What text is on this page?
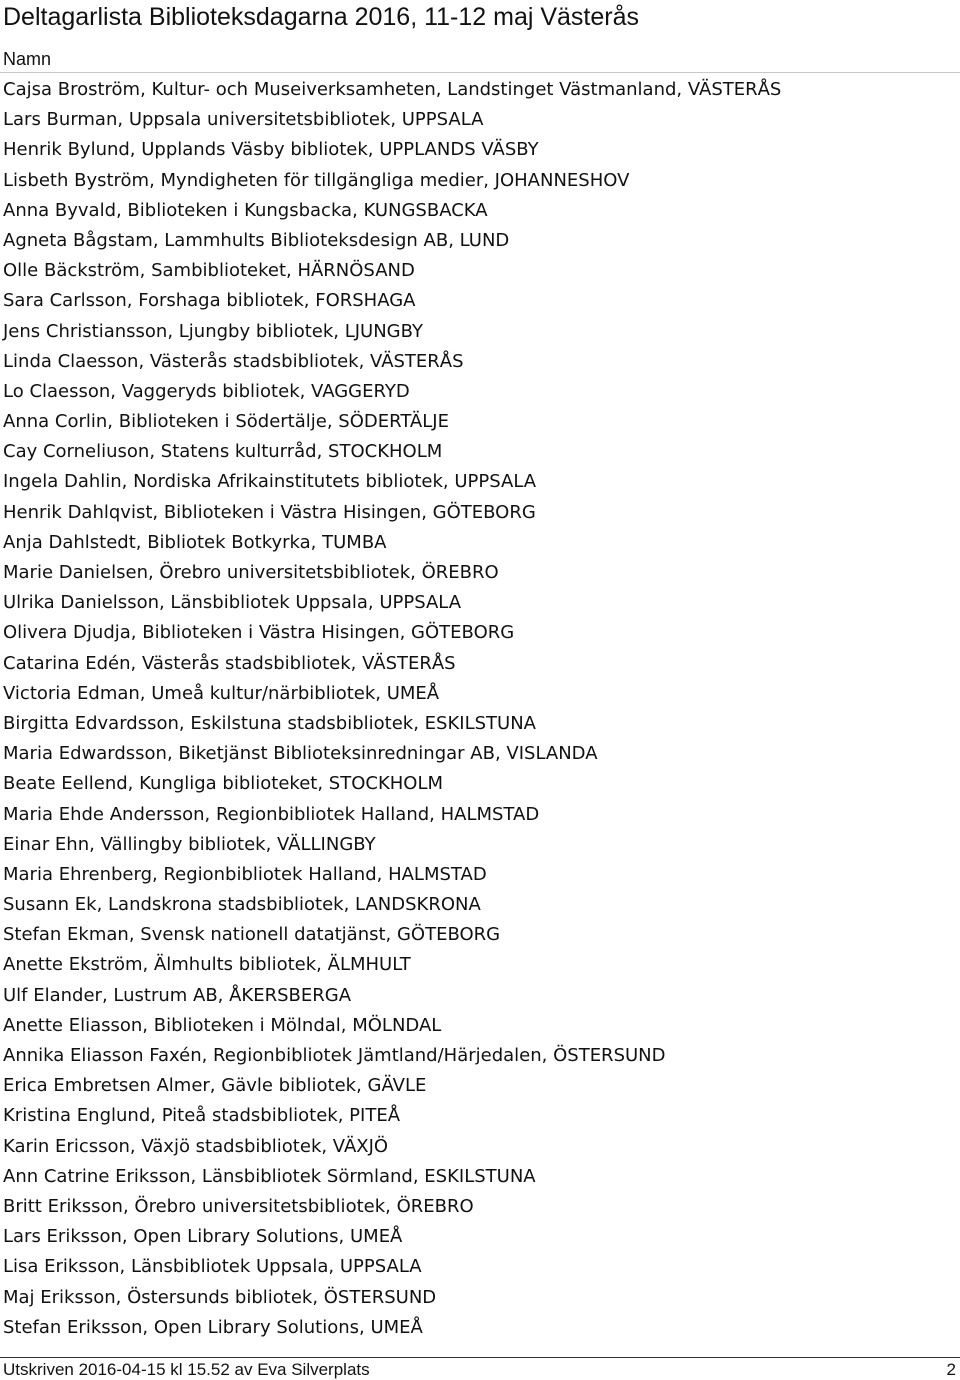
Deltagarlista Biblioteksdagarna 2016, 11-12 maj Västerås
Namn
Cajsa Broström, Kultur- och Museiverksamheten, Landstinget Västmanland, VÄSTERÅS
Lars Burman, Uppsala universitetsbibliotek, UPPSALA
Henrik Bylund, Upplands Väsby bibliotek, UPPLANDS VÄSBY
Lisbeth Byström, Myndigheten för tillgängliga medier, JOHANNESHOV
Anna Byvald, Biblioteken i Kungsbacka, KUNGSBACKA
Agneta Bågstam, Lammhults Biblioteksdesign AB, LUND
Olle Bäckström, Sambiblioteket, HÄRNÖSAND
Sara Carlsson, Forshaga bibliotek, FORSHAGA
Jens Christiansson, Ljungby bibliotek, LJUNGBY
Linda Claesson, Västerås stadsbibliotek, VÄSTERÅS
Lo Claesson, Vaggeryds bibliotek, VAGGERYD
Anna Corlin, Biblioteken i Södertälje, SÖDERTÄLJE
Cay Corneliuson, Statens kulturråd, STOCKHOLM
Ingela Dahlin, Nordiska Afrikainstitutets bibliotek, UPPSALA
Henrik Dahlqvist, Biblioteken i Västra Hisingen, GÖTEBORG
Anja Dahlstedt, Bibliotek Botkyrka, TUMBA
Marie Danielsen, Örebro universitetsbibliotek, ÖREBRO
Ulrika Danielsson, Länsbibliotek Uppsala, UPPSALA
Olivera Djudja, Biblioteken i Västra Hisingen, GÖTEBORG
Catarina Edén, Västerås stadsbibliotek, VÄSTERÅS
Victoria Edman, Umeå kultur/närbibliotek, UMEÅ
Birgitta Edvardsson, Eskilstuna stadsbibliotek, ESKILSTUNA
Maria Edwardsson, Biketjänst Biblioteksinredningar AB, VISLANDA
Beate Eellend, Kungliga biblioteket, STOCKHOLM
Maria Ehde Andersson, Regionbibliotek Halland, HALMSTAD
Einar Ehn, Vällingby bibliotek, VÄLLINGBY
Maria Ehrenberg, Regionbibliotek Halland, HALMSTAD
Susann Ek, Landskrona stadsbibliotek, LANDSKRONA
Stefan Ekman, Svensk nationell datatjänst, GÖTEBORG
Anette Ekström, Älmhults bibliotek, ÄLMHULT
Ulf Elander, Lustrum AB, ÅKERSBERGA
Anette Eliasson, Biblioteken i Mölndal, MÖLNDAL
Annika Eliasson Faxén, Regionbibliotek Jämtland/Härjedalen, ÖSTERSUND
Erica Embretsen Almer, Gävle bibliotek, GÄVLE
Kristina Englund, Piteå stadsbibliotek, PITEÅ
Karin Ericsson, Växjö stadsbibliotek, VÄXJÖ
Ann Catrine Eriksson, Länsbibliotek Sörmland, ESKILSTUNA
Britt Eriksson, Örebro universitetsbibliotek, ÖREBRO
Lars Eriksson, Open Library Solutions, UMEÅ
Lisa Eriksson, Länsbibliotek Uppsala, UPPSALA
Maj Eriksson, Östersunds bibliotek, ÖSTERSUND
Stefan Eriksson, Open Library Solutions, UMEÅ
Utskriven 2016-04-15 kl 15.52 av Eva Silverplats	2
